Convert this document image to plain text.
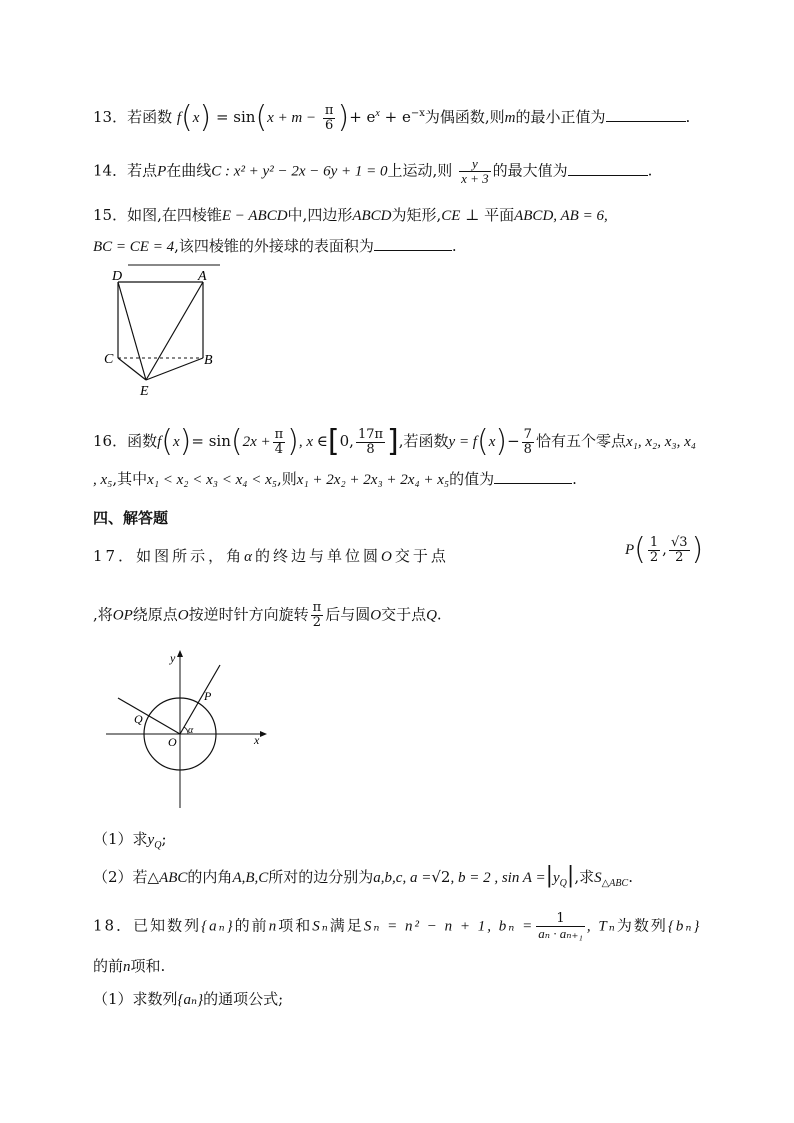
13．若函数 $f(x) = \sin(x + m - \frac{\pi}{6}$ )+ $e^x + e^{-x}$为偶函数,则m的最小正值为	.
14．若点P在曲线C : x² + y² − 2x − 6y + 1 = 0上运动,则 $\frac{y}{x + 3}$ 的最大值为	.
15．如图,在四棱锥E − ABCD中,四边形ABCD为矩形,CE ⊥ 平面ABCD, AB = 6,
BC = CE = 4,该四棱锥的外接球的表面积为	.
D	A
C	B
E
16．函数$f(x)= \sin(2x + \frac{\pi}{4}$ ), x ∈[0, $\frac{17\pi}{8}$ ],若函数$y = f(x)- \frac{7}{8}$ 恰有五个零点x₁, x₂, x₃, x₄
, x₅,其中x₁ < x₂ < x₃ < x₄ < x₅,则x₁ + 2x₂ + 2x₃ + 2x₄ + x₅的值为	.
四、解答题
17．如图所示，角α的终边与单位圆O交于点	$P( \frac{1}{2}$ , $\frac{√3}{2}$ )
,将OP绕原点O按逆时针方向旋转 $\frac{\pi}{2}$ 后与圆O交于点Q.
y
x
O
P
Q
α
（1）求$y_Q$;
（2）若△ABC的内角A,B,C所对的边分别为a,b,c, a =√2, b = 2 , $\sin A =|y_Q|$,求$S_{\triangle ABC}$.
18．已知数列{aₙ}的前n项和Sₙ满足Sₙ = n² − n + 1, $b_n = \frac{1}{\text{aₙ · aₙ₊₁}}$ , Tₙ为数列{bₙ}
的前n项和.
（1）求数列{aₙ}的通项公式;
